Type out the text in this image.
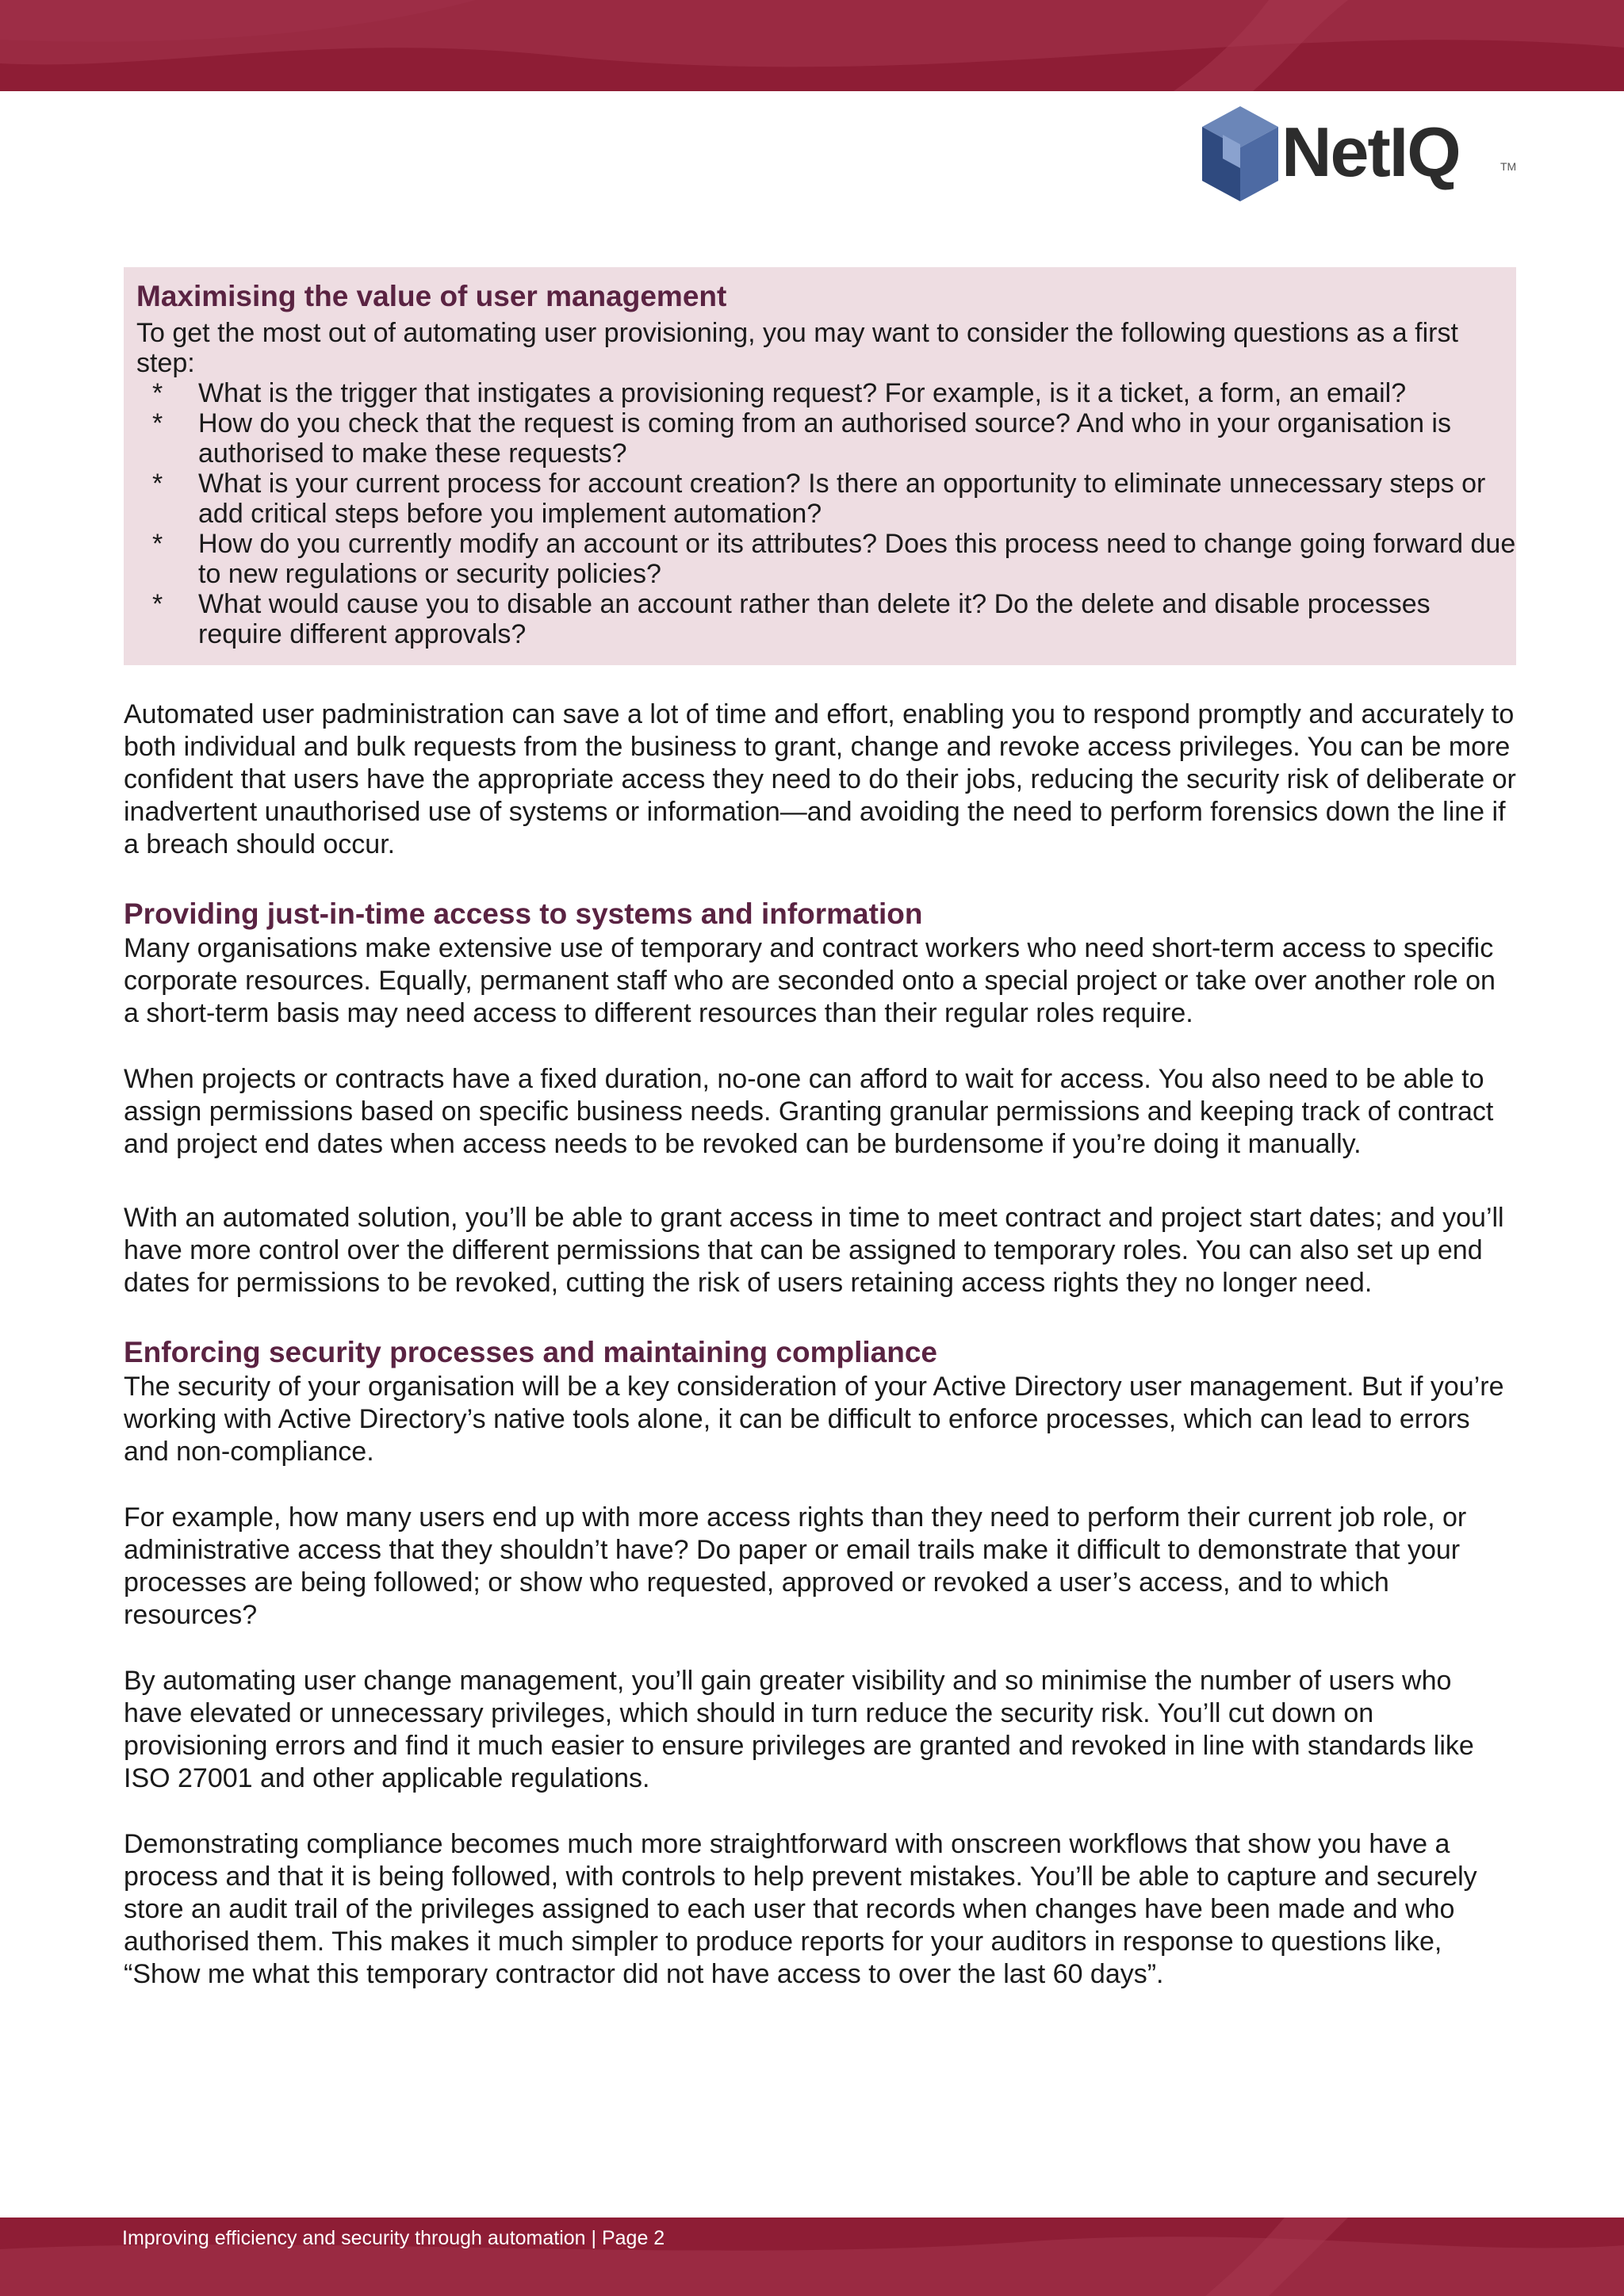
NetIQ	TM
Maximising the value of user management

To get the most out of automating user provisioning, you may want to consider the following questions as a first step:

* What is the trigger that instigates a provisioning request? For example, is it a ticket, a form, an email?
* How do you check that the request is coming from an authorised source? And who in your organisation is authorised to make these requests?
* What is your current process for account creation? Is there an opportunity to eliminate unnecessary steps or add critical steps before you implement automation?
* How do you currently modify an account or its attributes? Does this process need to change going forward due to new regulations or security policies?
* What would cause you to disable an account rather than delete it? Do the delete and disable processes require different approvals?

Automated user padministration can save a lot of time and effort, enabling you to respond promptly and accurately to both individual and bulk requests from the business to grant, change and revoke access privileges. You can be more confident that users have the appropriate access they need to do their jobs, reducing the security risk of deliberate or inadvertent unauthorised use of systems or information—and avoiding the need to perform forensics down the line if a breach should occur.

Providing just-in-time access to systems and information

Many organisations make extensive use of temporary and contract workers who need short-term access to specific corporate resources. Equally, permanent staff who are seconded onto a special project or take over another role on a short-term basis may need access to different resources than their regular roles require.

When projects or contracts have a fixed duration, no-one can afford to wait for access. You also need to be able to assign permissions based on specific business needs. Granting granular permissions and keeping track of contract and project end dates when access needs to be revoked can be burdensome if you’re doing it manually.

With an automated solution, you’ll be able to grant access in time to meet contract and project start dates; and you’ll have more control over the different permissions that can be assigned to temporary roles. You can also set up end dates for permissions to be revoked, cutting the risk of users retaining access rights they no longer need.

Enforcing security processes and maintaining compliance

The security of your organisation will be a key consideration of your Active Directory user management. But if you’re working with Active Directory’s native tools alone, it can be difficult to enforce processes, which can lead to errors and non-compliance.

For example, how many users end up with more access rights than they need to perform their current job role, or administrative access that they shouldn’t have? Do paper or email trails make it difficult to demonstrate that your processes are being followed; or show who requested, approved or revoked a user’s access, and to which resources?

By automating user change management, you’ll gain greater visibility and so minimise the number of users who have elevated or unnecessary privileges, which should in turn reduce the security risk. You’ll cut down on provisioning errors and find it much easier to ensure privileges are granted and revoked in line with standards like ISO 27001 and other applicable regulations.

Demonstrating compliance becomes much more straightforward with onscreen workflows that show you have a process and that it is being followed, with controls to help prevent mistakes. You’ll be able to capture and securely store an audit trail of the privileges assigned to each user that records when changes have been made and who authorised them. This makes it much simpler to produce reports for your auditors in response to questions like, “Show me what this temporary contractor did not have access to over the last 60 days”.

Improving efficiency and security through automation | Page 2
